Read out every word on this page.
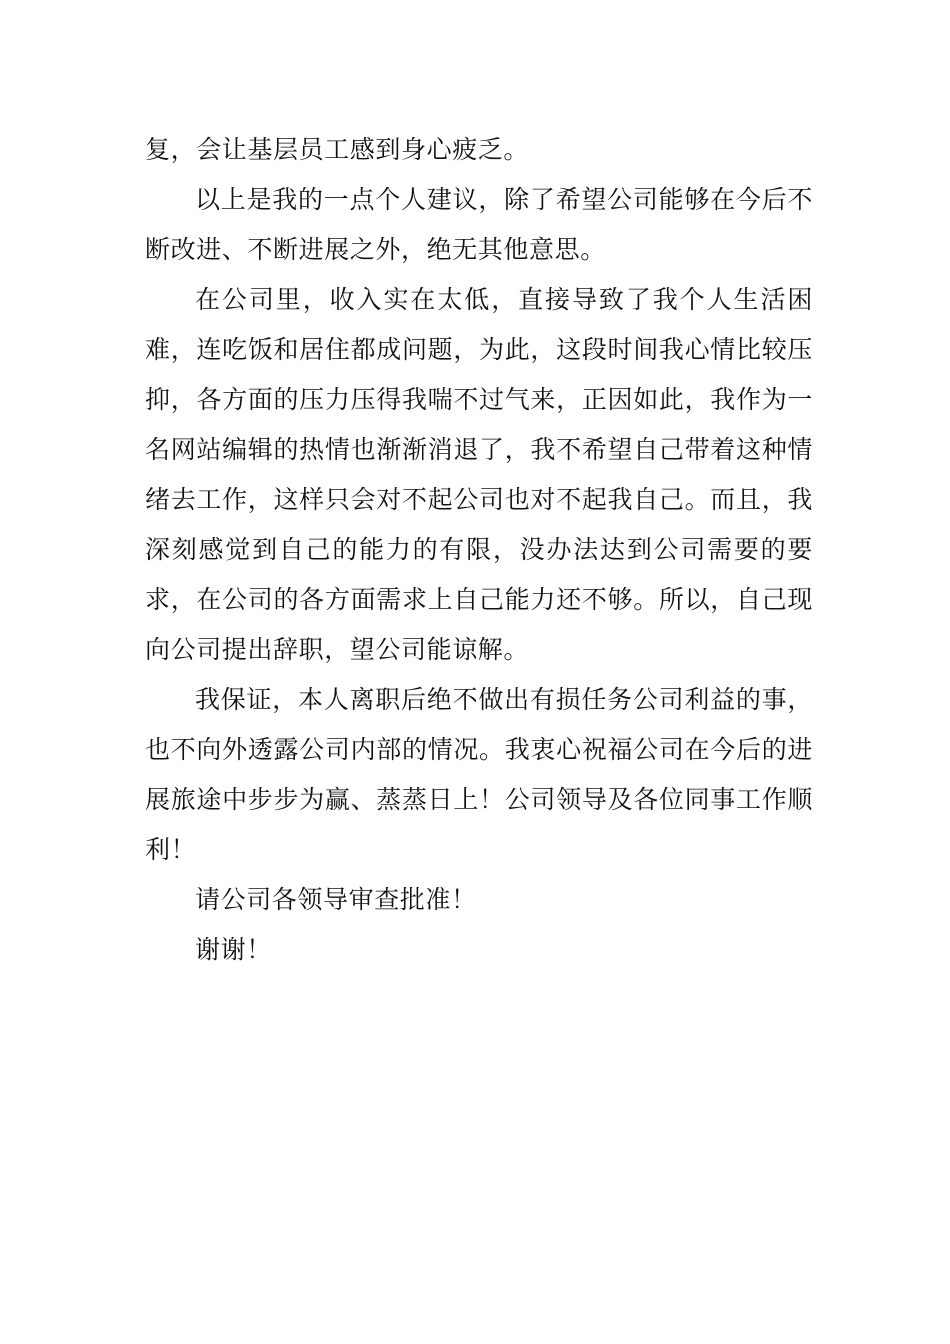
复，会让基层员工感到身心疲乏。

以上是我的一点个人建议，除了希望公司能够在今后不断改进、不断进展之外，绝无其他意思。

在公司里，收入实在太低，直接导致了我个人生活困难，连吃饭和居住都成问题，为此，这段时间我心情比较压抑，各方面的压力压得我喘不过气来，正因如此，我作为一名网站编辑的热情也渐渐消退了，我不希望自己带着这种情绪去工作，这样只会对不起公司也对不起我自己。而且，我深刻感觉到自己的能力的有限，没办法达到公司需要的要求，在公司的各方面需求上自己能力还不够。所以，自己现向公司提出辞职，望公司能谅解。

我保证，本人离职后绝不做出有损任务公司利益的事，也不向外透露公司内部的情况。我衷心祝福公司在今后的进展旅途中步步为赢、蒸蒸日上！公司领导及各位同事工作顺利！

请公司各领导审查批准！

谢谢！
